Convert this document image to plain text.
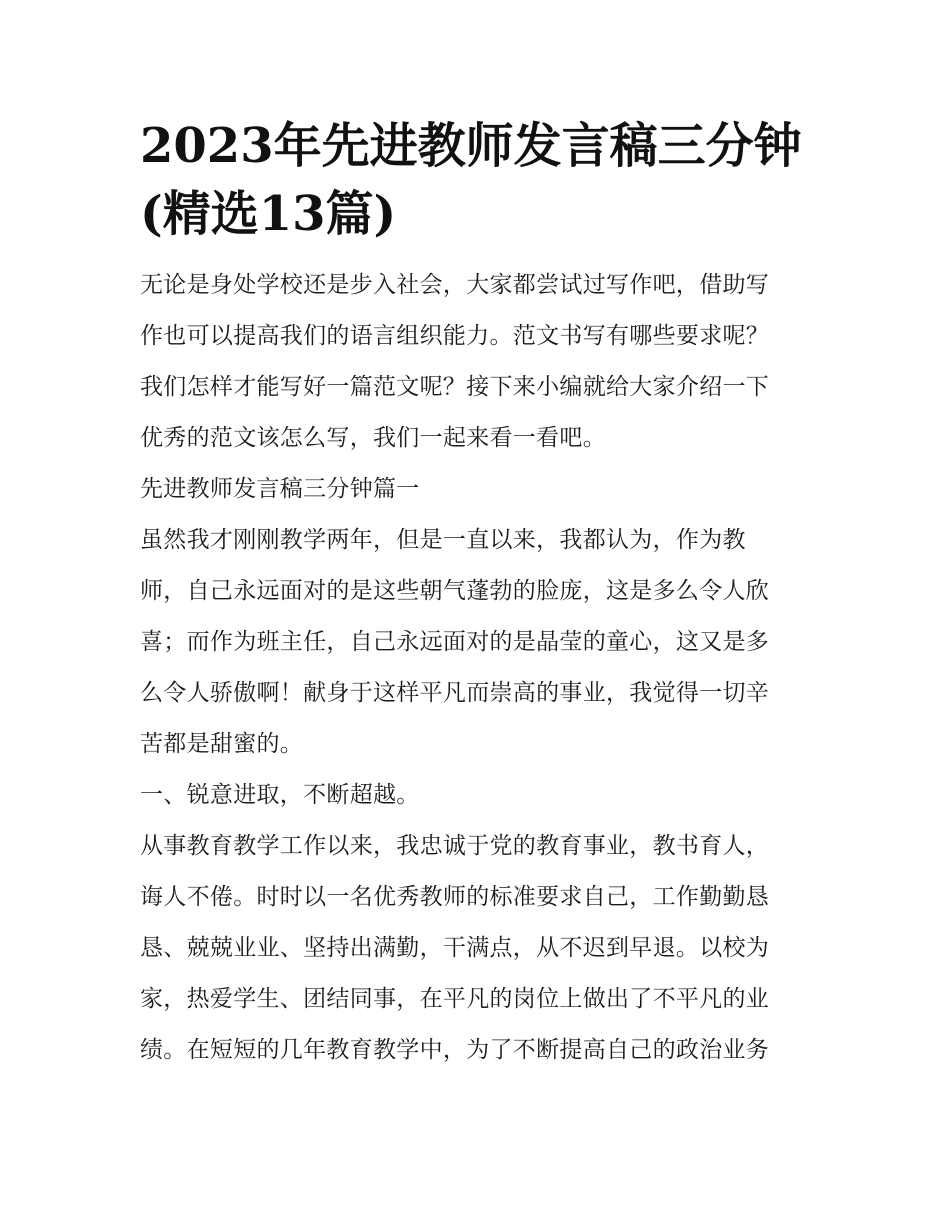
2023年先进教师发言稿三分钟
(精选13篇)

无论是身处学校还是步入社会，大家都尝试过写作吧，借助写
作也可以提高我们的语言组织能力。范文书写有哪些要求呢？
我们怎样才能写好一篇范文呢？接下来小编就给大家介绍一下
优秀的范文该怎么写，我们一起来看一看吧。

先进教师发言稿三分钟篇一

虽然我才刚刚教学两年，但是一直以来，我都认为，作为教
师，自己永远面对的是这些朝气蓬勃的脸庞，这是多么令人欣
喜；而作为班主任，自己永远面对的是晶莹的童心，这又是多
么令人骄傲啊！献身于这样平凡而崇高的事业，我觉得一切辛
苦都是甜蜜的。

一、锐意进取，不断超越。

从事教育教学工作以来，我忠诚于党的教育事业，教书育人，
诲人不倦。时时以一名优秀教师的标准要求自己，工作勤勤恳
恳、兢兢业业、坚持出满勤，干满点，从不迟到早退。以校为
家，热爱学生、团结同事，在平凡的岗位上做出了不平凡的业
绩。在短短的几年教育教学中，为了不断提高自己的政治业务
